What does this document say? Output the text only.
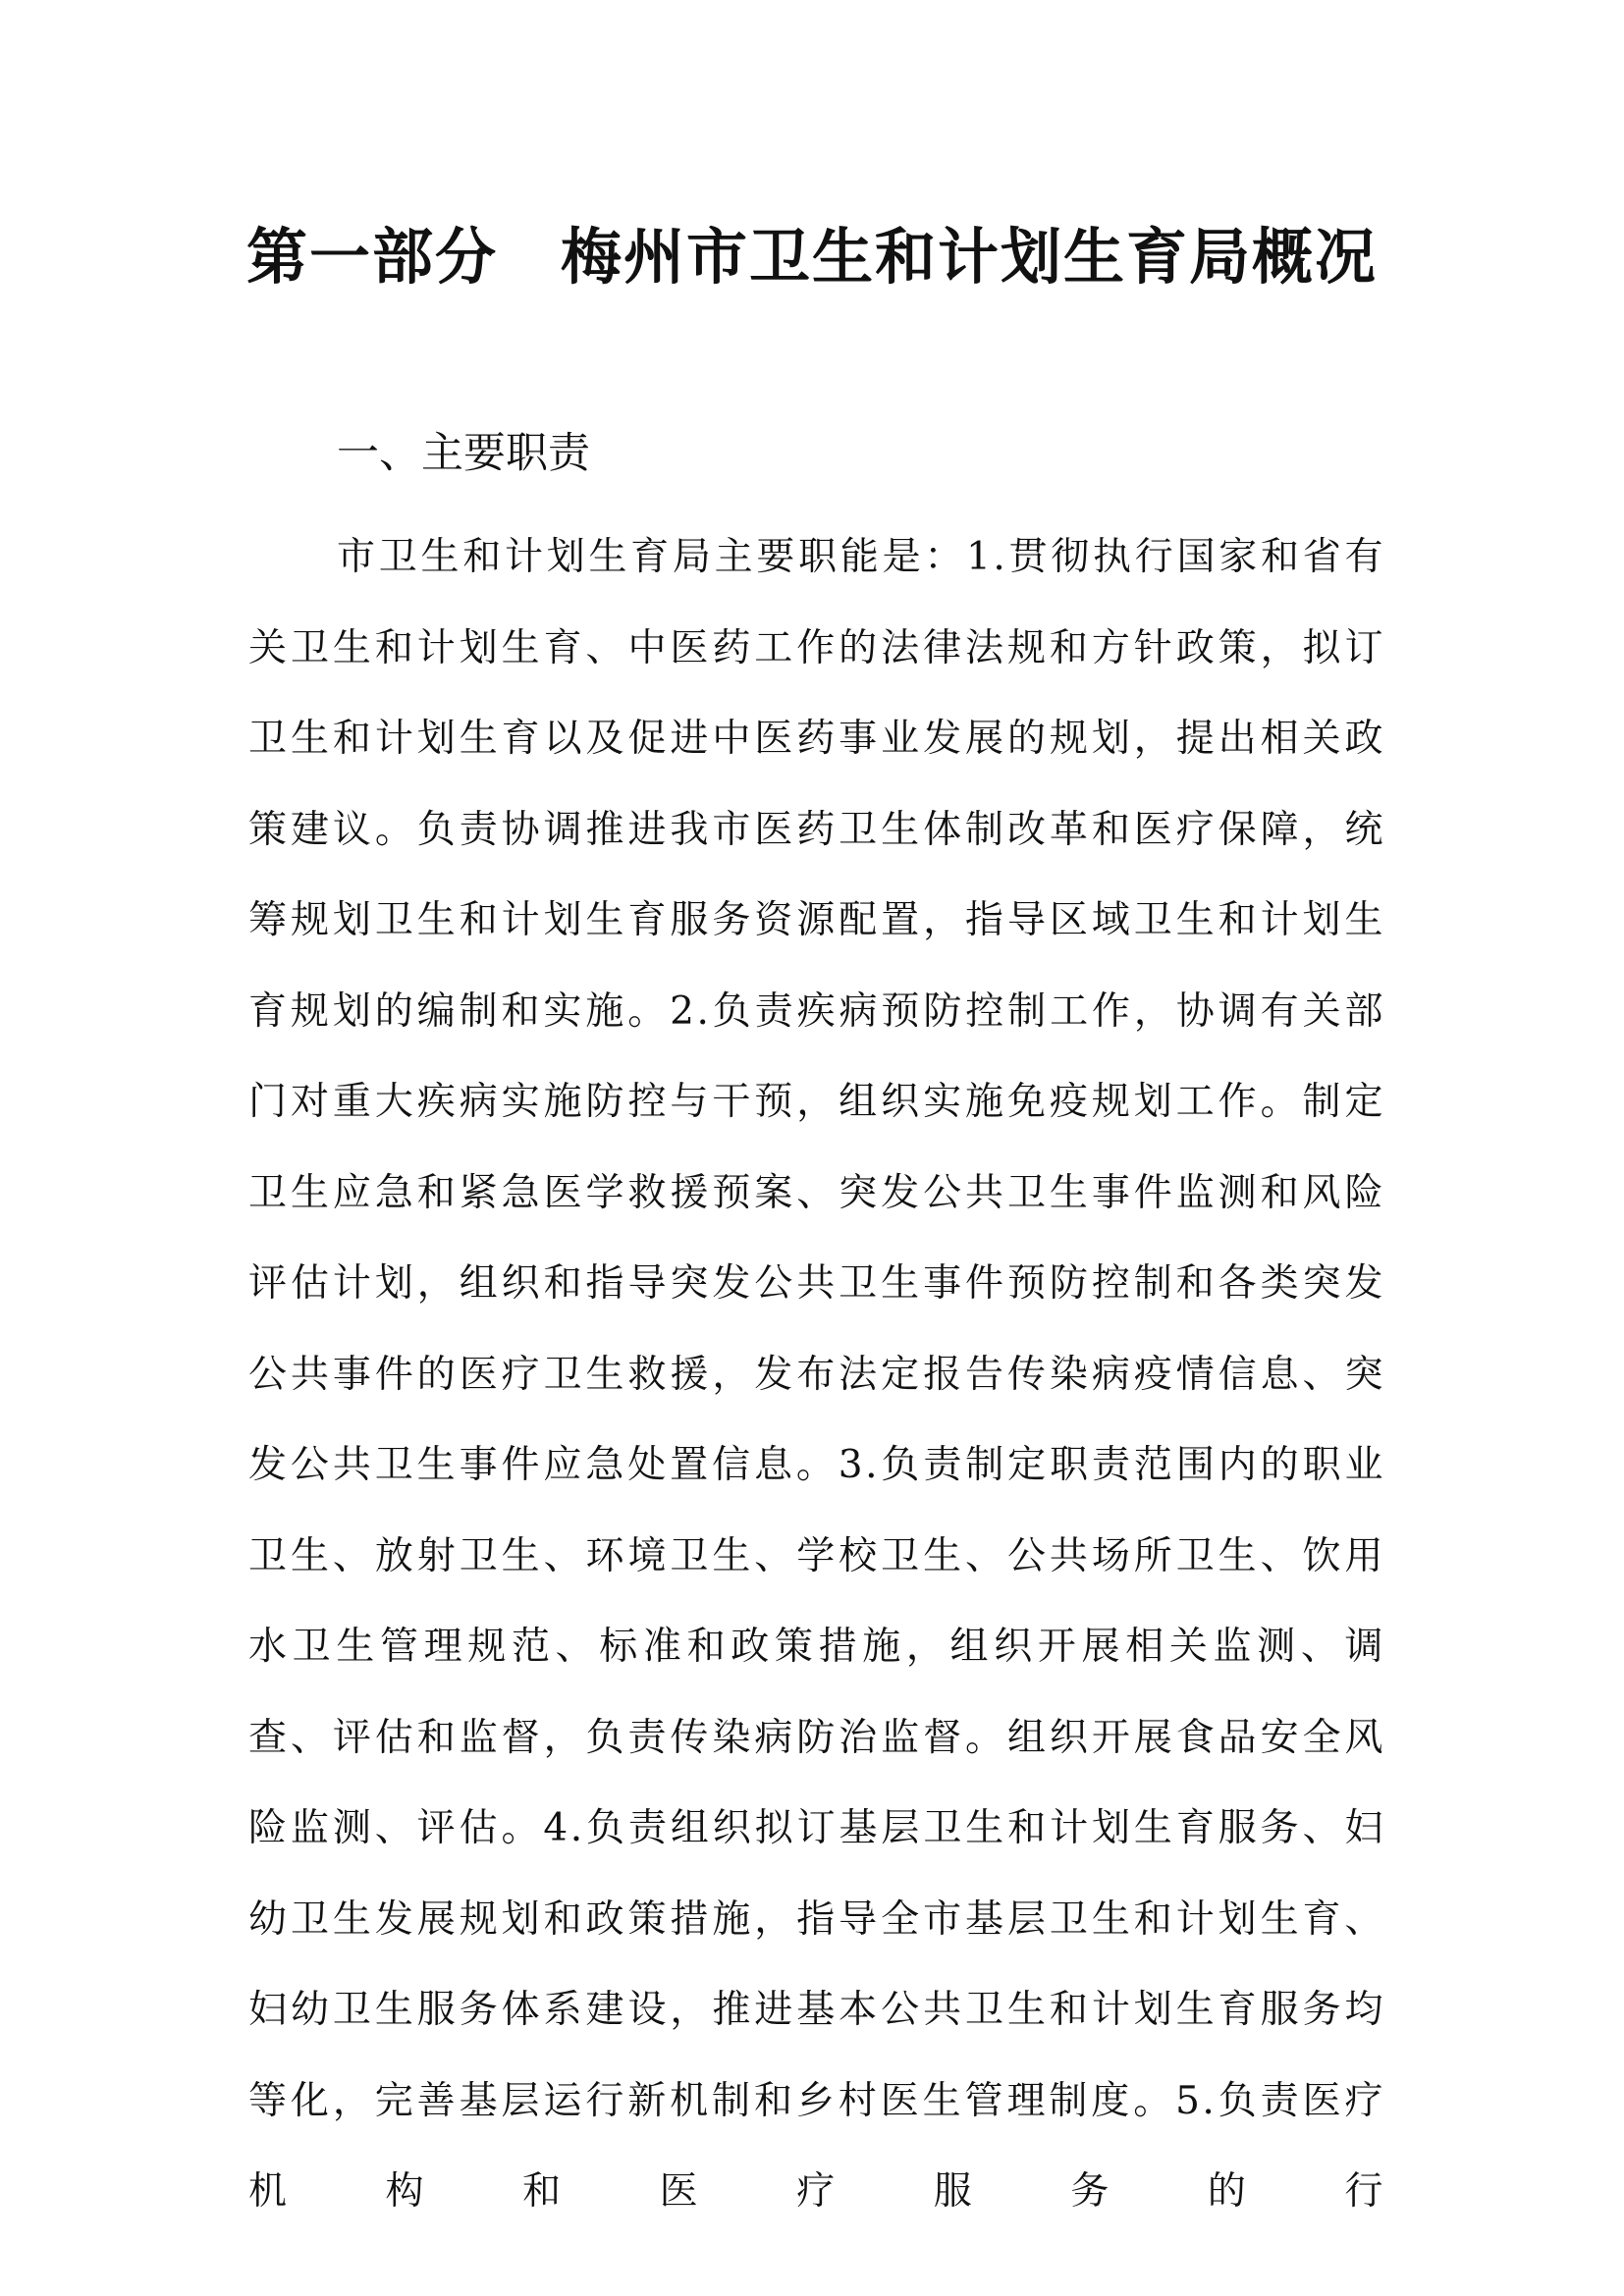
第一部分　梅州市卫生和计划生育局概况
一、主要职责

市卫生和计划生育局主要职能是：1.贯彻执行国家和省有关卫生和计划生育、中医药工作的法律法规和方针政策，拟订卫生和计划生育以及促进中医药事业发展的规划，提出相关政策建议。负责协调推进我市医药卫生体制改革和医疗保障，统筹规划卫生和计划生育服务资源配置，指导区域卫生和计划生育规划的编制和实施。2.负责疾病预防控制工作，协调有关部门对重大疾病实施防控与干预，组织实施免疫规划工作。制定卫生应急和紧急医学救援预案、突发公共卫生事件监测和风险评估计划，组织和指导突发公共卫生事件预防控制和各类突发公共事件的医疗卫生救援，发布法定报告传染病疫情信息、突发公共卫生事件应急处置信息。3.负责制定职责范围内的职业卫生、放射卫生、环境卫生、学校卫生、公共场所卫生、饮用水卫生管理规范、标准和政策措施，组织开展相关监测、调查、评估和监督，负责传染病防治监督。组织开展食品安全风险监测、评估。4.负责组织拟订基层卫生和计划生育服务、妇幼卫生发展规划和政策措施，指导全市基层卫生和计划生育、妇幼卫生服务体系建设，推进基本公共卫生和计划生育服务均等化，完善基层运行新机制和乡村医生管理制度。5.负责医疗机构和医疗服务的行
